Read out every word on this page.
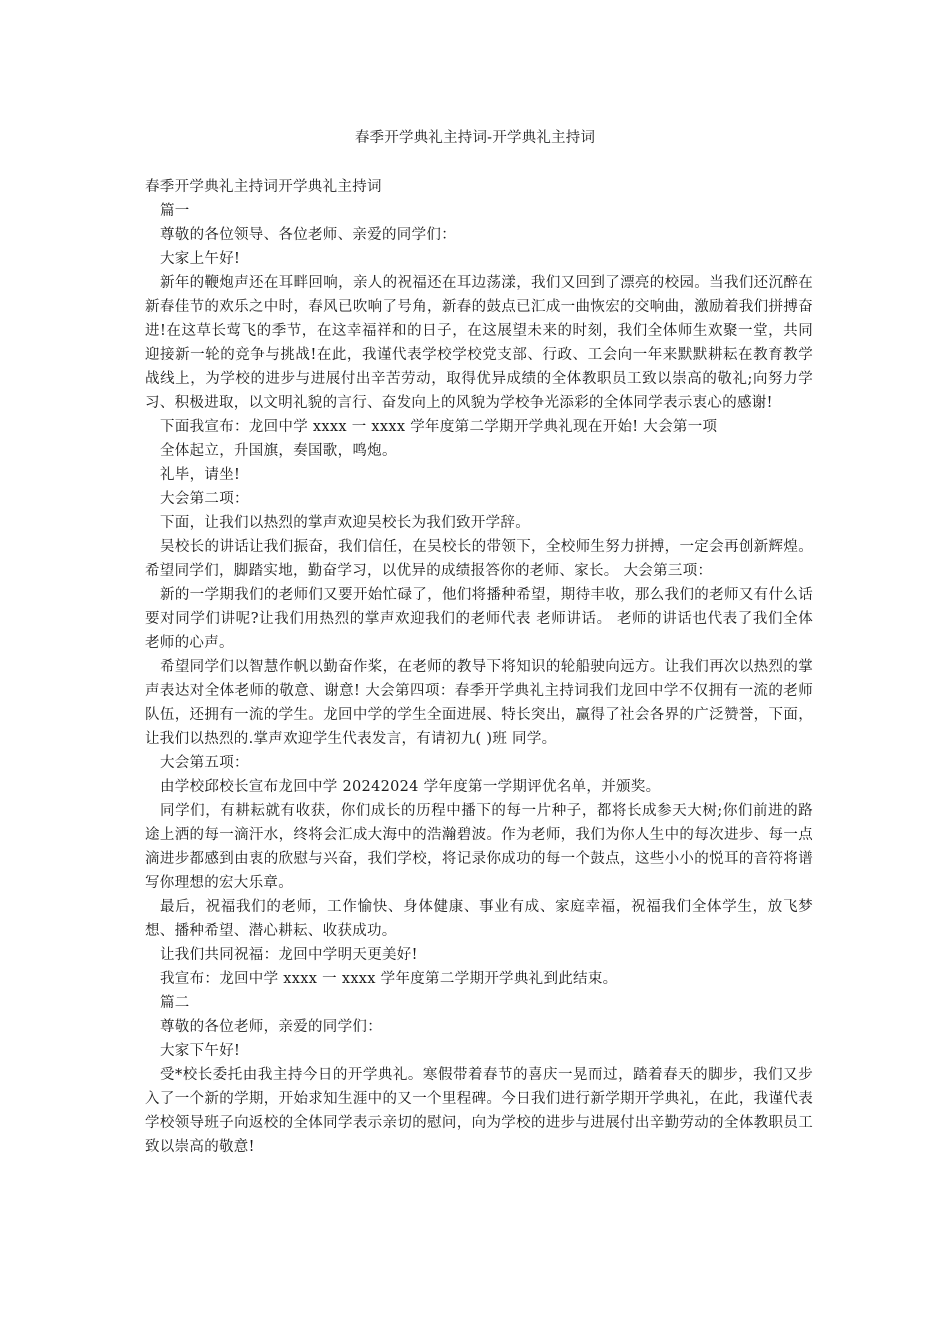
春季开学典礼主持词-开学典礼主持词

春季开学典礼主持词开学典礼主持词

篇一

尊敬的各位领导、各位老师、亲爱的同学们：

大家上午好!

新年的鞭炮声还在耳畔回响，亲人的祝福还在耳边荡漾，我们又回到了漂亮的校园。当我们还沉醉在新春佳节的欢乐之中时，春风已吹响了号角，新春的鼓点已汇成一曲恢宏的交响曲，激励着我们拼搏奋进!在这草长莺飞的季节，在这幸福祥和的日子，在这展望未来的时刻，我们全体师生欢聚一堂，共同迎接新一轮的竞争与挑战!在此，我谨代表学校学校党支部、行政、工会向一年来默默耕耘在教育教学战线上，为学校的进步与进展付出辛苦劳动，取得优异成绩的全体教职员工致以崇高的敬礼;向努力学习、积极进取，以文明礼貌的言行、奋发向上的风貌为学校争光添彩的全体同学表示衷心的感谢!

下面我宣布：龙回中学 xxxx 一 xxxx 学年度第二学期开学典礼现在开始! 大会第一项

全体起立，升国旗，奏国歌，鸣炮。

礼毕，请坐!

大会第二项：

下面，让我们以热烈的掌声欢迎吴校长为我们致开学辞。

吴校长的讲话让我们振奋，我们信任，在吴校长的带领下，全校师生努力拼搏，一定会再创新辉煌。希望同学们，脚踏实地，勤奋学习，以优异的成绩报答你的老师、家长。 大会第三项：

新的一学期我们的老师们又要开始忙碌了，他们将播种希望，期待丰收，那么我们的老师又有什么话要对同学们讲呢?让我们用热烈的掌声欢迎我们的老师代表 老师讲话。 老师的讲话也代表了我们全体老师的心声。

希望同学们以智慧作帆以勤奋作桨，在老师的教导下将知识的轮船驶向远方。让我们再次以热烈的掌声表达对全体老师的敬意、谢意! 大会第四项：春季开学典礼主持词我们龙回中学不仅拥有一流的老师队伍，还拥有一流的学生。龙回中学的学生全面进展、特长突出，赢得了社会各界的广泛赞誉，下面，让我们以热烈的.掌声欢迎学生代表发言，有请初九( )班 同学。

大会第五项：

由学校邱校长宣布龙回中学 20242024 学年度第一学期评优名单，并颁奖。

同学们，有耕耘就有收获，你们成长的历程中播下的每一片种子，都将长成参天大树;你们前进的路途上洒的每一滴汗水，终将会汇成大海中的浩瀚碧波。作为老师，我们为你人生中的每次进步、每一点滴进步都感到由衷的欣慰与兴奋，我们学校，将记录你成功的每一个鼓点，这些小小的悦耳的音符将谱写你理想的宏大乐章。

最后，祝福我们的老师，工作愉快、身体健康、事业有成、家庭幸福，祝福我们全体学生，放飞梦想、播种希望、潜心耕耘、收获成功。

让我们共同祝福：龙回中学明天更美好!

我宣布：龙回中学 xxxx 一 xxxx 学年度第二学期开学典礼到此结束。

篇二

尊敬的各位老师，亲爱的同学们：

大家下午好!

受*校长委托由我主持今日的开学典礼。寒假带着春节的喜庆一晃而过，踏着春天的脚步，我们又步入了一个新的学期，开始求知生涯中的又一个里程碑。今日我们进行新学期开学典礼，在此，我谨代表学校领导班子向返校的全体同学表示亲切的慰问，向为学校的进步与进展付出辛勤劳动的全体教职员工致以崇高的敬意!
